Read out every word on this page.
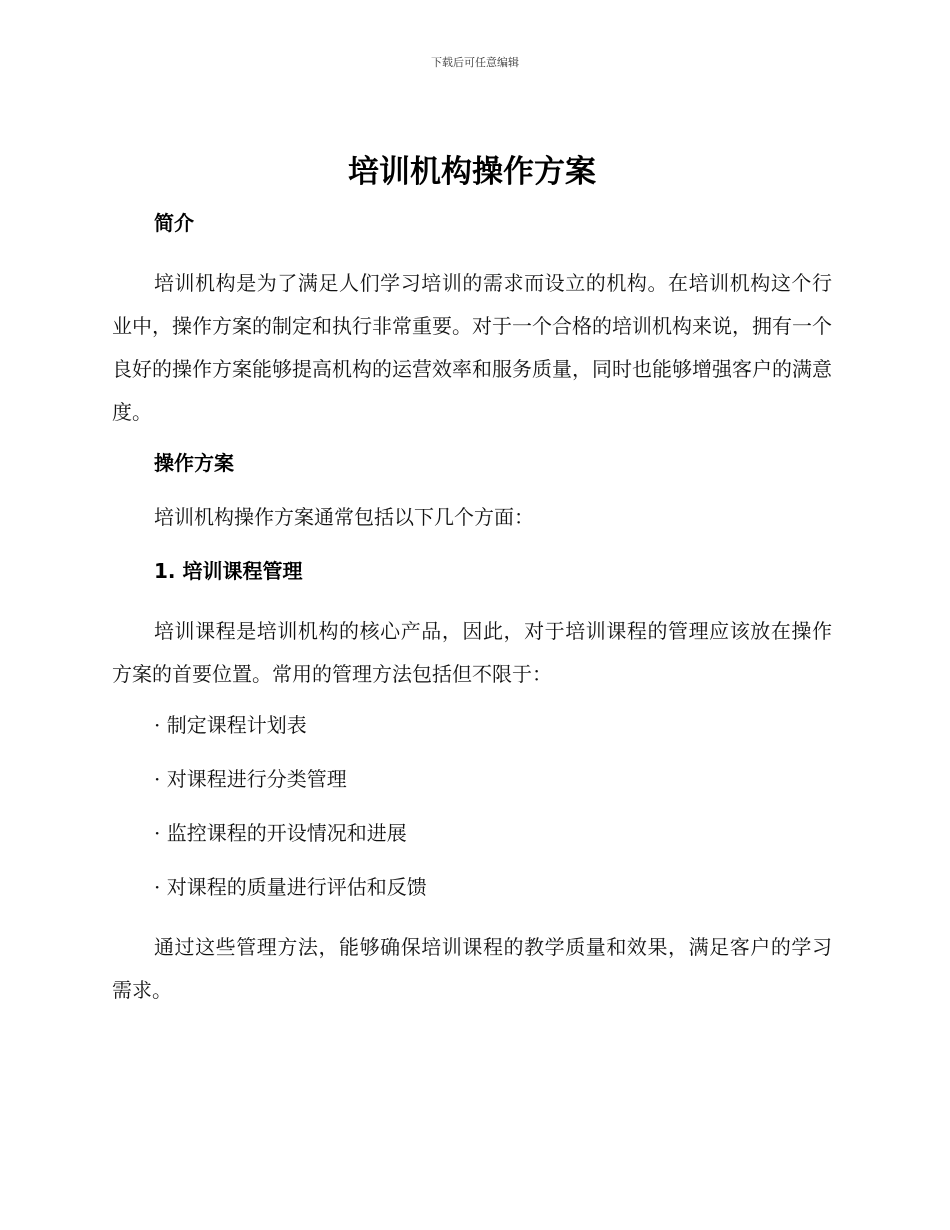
下载后可任意编辑
培训机构操作方案
简介

培训机构是为了满足人们学习培训的需求而设立的机构。在培训机构这个行业中，操作方案的制定和执行非常重要。对于一个合格的培训机构来说，拥有一个良好的操作方案能够提高机构的运营效率和服务质量，同时也能够增强客户的满意度。

操作方案

培训机构操作方案通常包括以下几个方面：

1. 培训课程管理

培训课程是培训机构的核心产品，因此，对于培训课程的管理应该放在操作方案的首要位置。常用的管理方法包括但不限于：

· 制定课程计划表
· 对课程进行分类管理
· 监控课程的开设情况和进展
· 对课程的质量进行评估和反馈

通过这些管理方法，能够确保培训课程的教学质量和效果，满足客户的学习需求。
